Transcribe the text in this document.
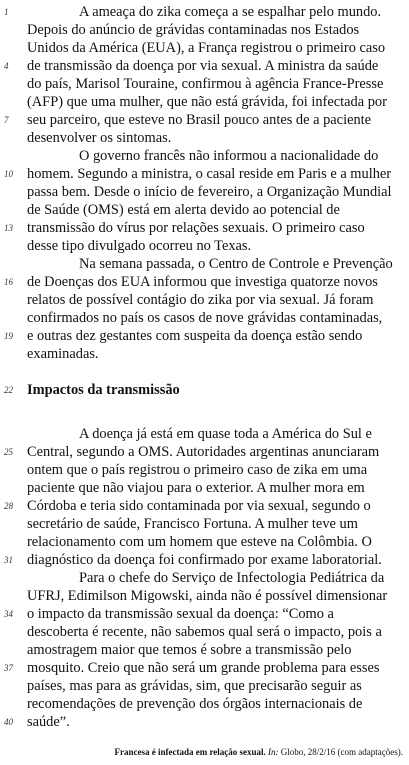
1	A ameaça do zika começa a se espalhar pelo mundo.
Depois do anúncio de grávidas contaminadas nos Estados
Unidos da América (EUA), a França registrou o primeiro caso
4	de transmissão da doença por via sexual. A ministra da saúde
do país, Marisol Touraine, confirmou à agência France-Presse
(AFP) que uma mulher, que não está grávida, foi infectada por
7	seu parceiro, que esteve no Brasil pouco antes de a paciente
desenvolver os sintomas.
O governo francês não informou a nacionalidade do
10 homem. Segundo a ministra, o casal reside em Paris e a mulher
passa bem. Desde o início de fevereiro, a Organização Mundial
de Saúde (OMS) está em alerta devido ao potencial de
13 transmissão do vírus por relações sexuais. O primeiro caso
desse tipo divulgado ocorreu no Texas.
Na semana passada, o Centro de Controle e Prevenção
16 de Doenças dos EUA informou que investiga quatorze novos
relatos de possível contágio do zika por via sexual. Já foram
confirmados no país os casos de nove grávidas contaminadas,
19 e outras dez gestantes com suspeita da doença estão sendo
examinadas.
22 Impactos da transmissão
A doença já está em quase toda a América do Sul e
25 Central, segundo a OMS. Autoridades argentinas anunciaram
ontem que o país registrou o primeiro caso de zika em uma
paciente que não viajou para o exterior. A mulher mora em
28 Córdoba e teria sido contaminada por via sexual, segundo o
secretário de saúde, Francisco Fortuna. A mulher teve um
relacionamento com um homem que esteve na Colômbia. O
31 diagnóstico da doença foi confirmado por exame laboratorial.
Para o chefe do Serviço de Infectologia Pediátrica da
UFRJ, Edimilson Migowski, ainda não é possível dimensionar
34 o impacto da transmissão sexual da doença: “Como a
descoberta é recente, não sabemos qual será o impacto, pois a
amostragem maior que temos é sobre a transmissão pelo
37 mosquito. Creio que não será um grande problema para esses
países, mas para as grávidas, sim, que precisarão seguir as
recomendações de prevenção dos órgãos internacionais de
40 saúde”.
Francesa é infectada em relação sexual. In: Globo, 28/2/16 (com adaptações).
